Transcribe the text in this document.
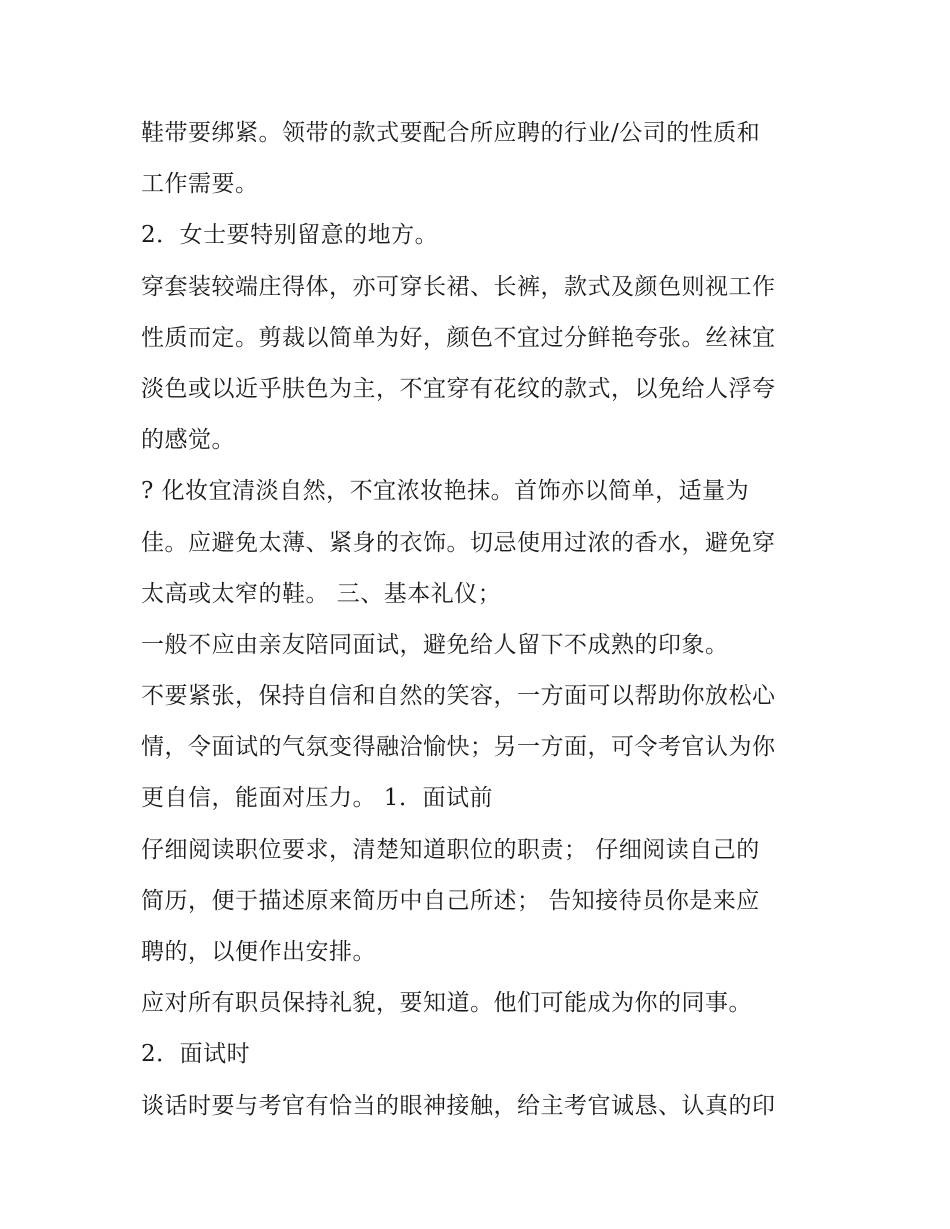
鞋带要绑紧。领带的款式要配合所应聘的行业/公司的性质和
工作需要。
2．女士要特别留意的地方。
穿套装较端庄得体，亦可穿长裙、长裤，款式及颜色则视工作
性质而定。剪裁以简单为好，颜色不宜过分鲜艳夸张。丝袜宜
淡色或以近乎肤色为主，不宜穿有花纹的款式，以免给人浮夸
的感觉。
? 化妆宜清淡自然，不宜浓妆艳抹。首饰亦以简单，适量为
佳。应避免太薄、紧身的衣饰。切忌使用过浓的香水，避免穿
太高或太窄的鞋。 三、基本礼仪；
一般不应由亲友陪同面试，避免给人留下不成熟的印象。
不要紧张，保持自信和自然的笑容，一方面可以帮助你放松心
情，令面试的气氛变得融洽愉快；另一方面，可令考官认为你
更自信，能面对压力。 1．面试前
仔细阅读职位要求，清楚知道职位的职责； 仔细阅读自己的
简历，便于描述原来简历中自己所述； 告知接待员你是来应
聘的，以便作出安排。
应对所有职员保持礼貌，要知道。他们可能成为你的同事。
2．面试时
谈话时要与考官有恰当的眼神接触，给主考官诚恳、认真的印
